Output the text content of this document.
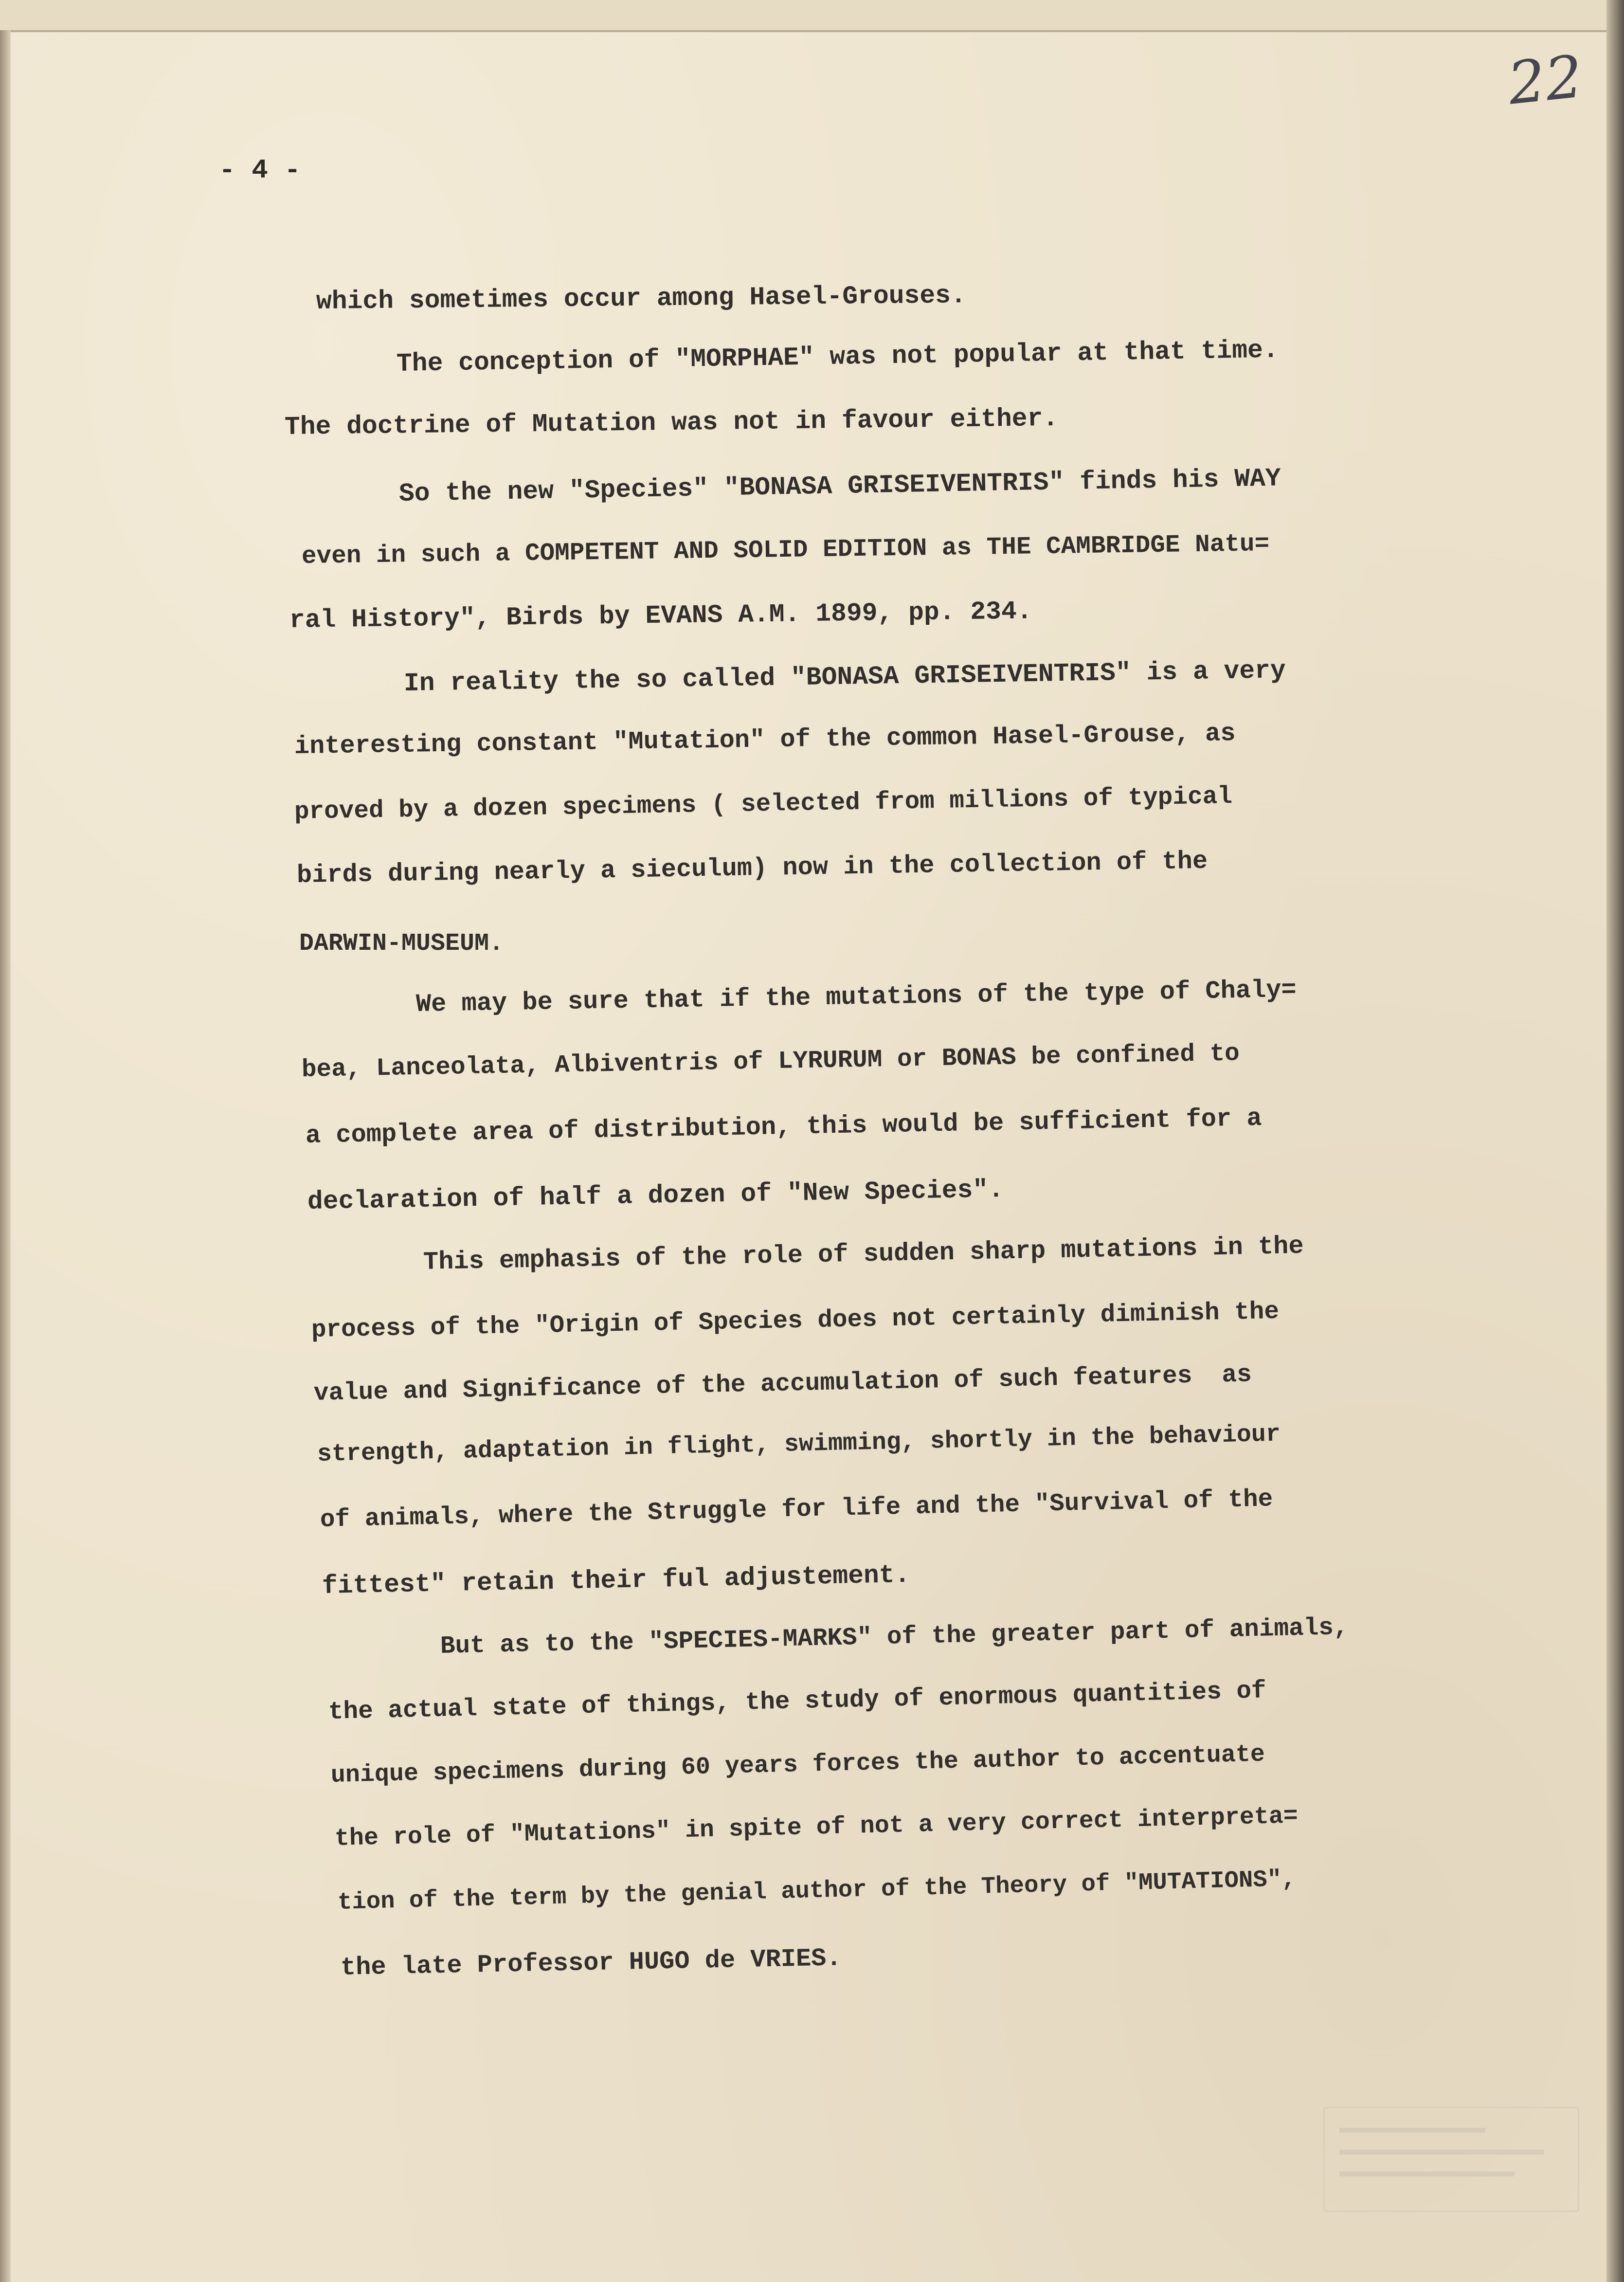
- 4 -
22
which sometimes occur among Hasel-Grouses.
The conception of "MORPHAE" was not popular at that time.
The doctrine of Mutation was not in favour either.
So the new "Species" "BONASA GRISEIVENTRIS" finds his WAY
even in such a COMPETENT AND SOLID EDITION as THE CAMBRIDGE Natu=
ral History", Birds by EVANS A.M. 1899, pp. 234.
In reality the so called "BONASA GRISEIVENTRIS" is a very
interesting constant "Mutation" of the common Hasel-Grouse, as
proved by a dozen specimens ( selected from millions of typical
birds during nearly a sieculum) now in the collection of the
DARWIN-MUSEUM.
We may be sure that if the mutations of the type of Chaly=
bea, Lanceolata, Albiventris of LYRURUM or BONAS be confined to
a complete area of distribution, this would be sufficient for a
declaration of half a dozen of "New Species".
This emphasis of the role of sudden sharp mutations in the
process of the "Origin of Species does not certainly diminish the
value and Significance of the accumulation of such features  as
strength, adaptation in flight, swimming, shortly in the behaviour
of animals, where the Struggle for life and the "Survival of the
fittest" retain their ful adjustement.
But as to the "SPECIES-MARKS" of the greater part of animals,
the actual state of things, the study of enormous quantities of
unique specimens during 60 years forces the author to accentuate
the role of "Mutations" in spite of not a very correct interpreta=
tion of the term by the genial author of the Theory of "MUTATIONS",
the late Professor HUGO de VRIES.
